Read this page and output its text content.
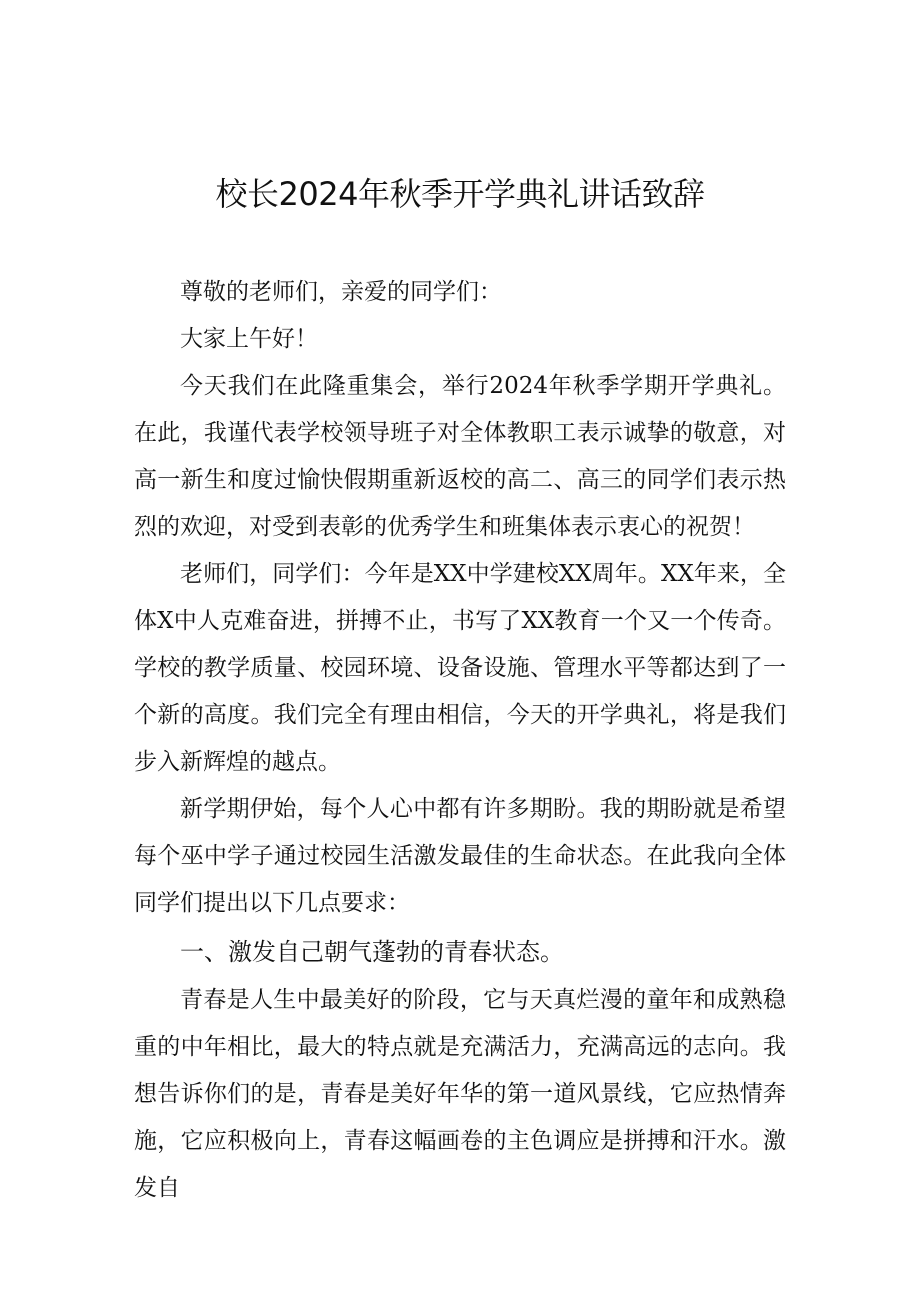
校长2024年秋季开学典礼讲话致辞

尊敬的老师们，亲爱的同学们：

大家上午好！

今天我们在此隆重集会，举行2024年秋季学期开学典礼。在此，我谨代表学校领导班子对全体教职工表示诚挚的敬意，对高一新生和度过愉快假期重新返校的高二、高三的同学们表示热烈的欢迎，对受到表彰的优秀学生和班集体表示衷心的祝贺！

老师们，同学们：今年是XX中学建校XX周年。XX年来，全体X中人克难奋进，拼搏不止，书写了XX教育一个又一个传奇。学校的教学质量、校园环境、设备设施、管理水平等都达到了一个新的高度。我们完全有理由相信，今天的开学典礼，将是我们步入新辉煌的越点。

新学期伊始，每个人心中都有许多期盼。我的期盼就是希望每个巫中学子通过校园生活激发最佳的生命状态。在此我向全体同学们提出以下几点要求：

一、激发自己朝气蓬勃的青春状态。

青春是人生中最美好的阶段，它与天真烂漫的童年和成熟稳重的中年相比，最大的特点就是充满活力，充满高远的志向。我想告诉你们的是，青春是美好年华的第一道风景线，它应热情奔施，它应积极向上，青春这幅画卷的主色调应是拼搏和汗水。激发自
